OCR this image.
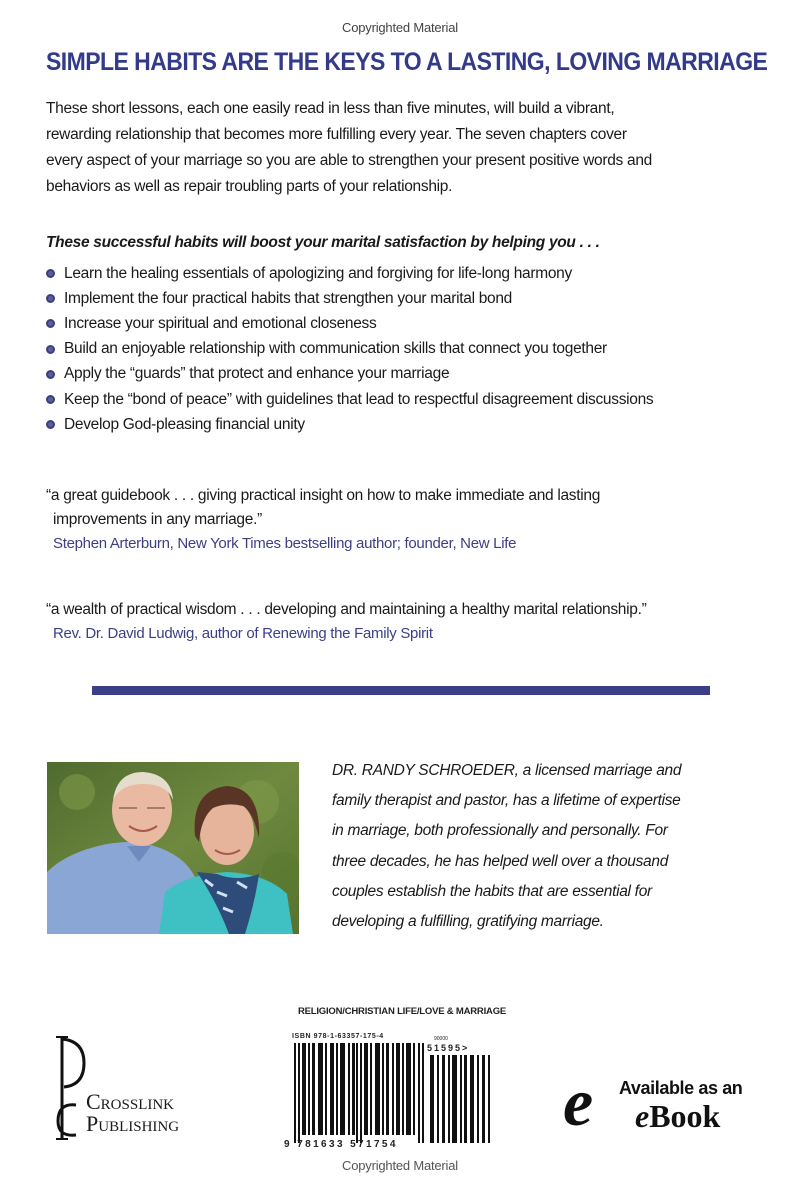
Copyrighted Material
SIMPLE HABITS ARE THE KEYS TO A LASTING, LOVING MARRIAGE
These short lessons, each one easily read in less than five minutes, will build a vibrant,
rewarding relationship that becomes more fulfilling every year. The seven chapters cover
every aspect of your marriage so you are able to strengthen your present positive words and
behaviors as well as repair troubling parts of your relationship.
These successful habits will boost your marital satisfaction by helping you . . .
Learn the healing essentials of apologizing and forgiving for life-long harmony
Implement the four practical habits that strengthen your marital bond
Increase your spiritual and emotional closeness
Build an enjoyable relationship with communication skills that connect you together
Apply the “guards” that protect and enhance your marriage
Keep the “bond of peace” with guidelines that lead to respectful disagreement discussions
Develop God-pleasing financial unity
“a great guidebook . . . giving practical insight on how to make immediate and lasting
improvements in any marriage.”
Stephen Arterburn, New York Times bestselling author; founder, New Life
“a wealth of practical wisdom . . . developing and maintaining a healthy marital relationship.”
Rev. Dr. David Ludwig, author of Renewing the Family Spirit
DR. RANDY SCHROEDER, a licensed marriage and
family therapist and pastor, has a lifetime of expertise
in marriage, both professionally and personally. For
three decades, he has helped well over a thousand
couples establish the habits that are essential for
developing a fulfilling, gratifying marriage.
Crosslink
Publishing
RELIGION/CHRISTIAN LIFE/LOVE & MARRIAGE
ISBN 978-1-63357-175-4	90000
51595>
9 781633 571754
e Available as an
eBook
Copyrighted Material
